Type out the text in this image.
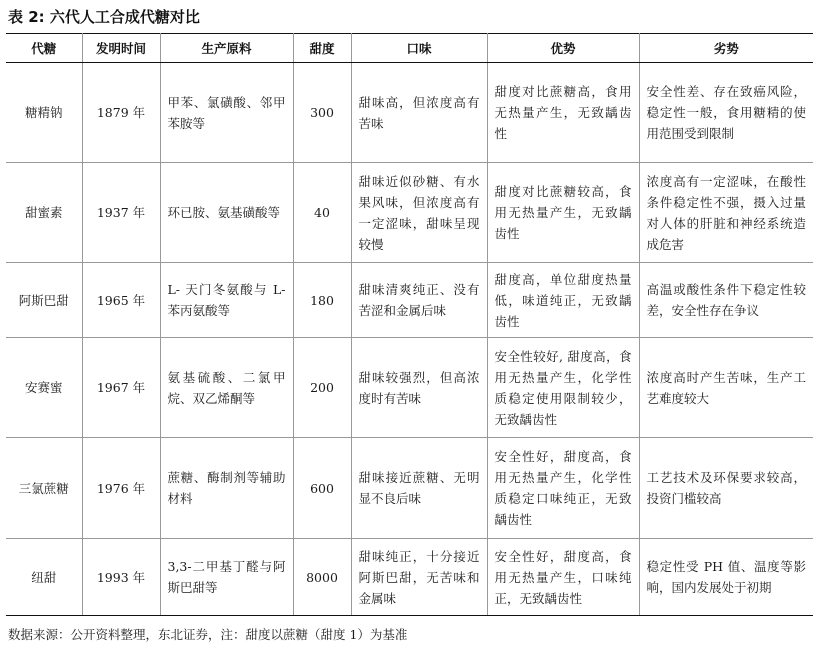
表 2: 六代人工合成代糖对比
代糖	发明时间	生产原料	甜度	口味	优势	劣势
糖精钠	1879 年	甲苯、氯磺酸、邻甲苯胺等	300	甜味高，但浓度高有苦味	甜度对比蔗糖高，食用无热量产生，无致龋齿性	安全性差、存在致癌风险，稳定性一般，食用糖精的使用范围受到限制
甜蜜素	1937 年	环已胺、氨基磺酸等	40	甜味近似砂糖、有水果风味，但浓度高有一定涩味，甜味呈现较慢	甜度对比蔗糖较高，食用无热量产生，无致龋齿性	浓度高有一定涩味，在酸性条件稳定性不强，摄入过量对人体的肝脏和神经系统造成危害
阿斯巴甜	1965 年	L- 天门冬氨酸与 L-苯丙氨酸等	180	甜味清爽纯正、没有苦涩和金属后味	甜度高，单位甜度热量低，味道纯正，无致龋齿性	高温或酸性条件下稳定性较差，安全性存在争议
安赛蜜	1967 年	氨基硫酸、二氯甲烷、双乙烯酮等	200	甜味较强烈，但高浓度时有苦味	安全性较好, 甜度高，食用无热量产生，化学性质稳定使用限制较少，无致龋齿性	浓度高时产生苦味，生产工艺难度较大
三氯蔗糖	1976 年	蔗糖、酶制剂等辅助材料	600	甜味接近蔗糖、无明显不良后味	安全性好，甜度高，食用无热量产生，化学性质稳定口味纯正，无致龋齿性	工艺技术及环保要求较高，投资门槛较高
纽甜	1993 年	3,3-二甲基丁醛与阿斯巴甜等	8000	甜味纯正，十分接近阿斯巴甜，无苦味和金属味	安全性好，甜度高，食用无热量产生，口味纯正，无致龋齿性	稳定性受 PH 值、温度等影响，国内发展处于初期
数据来源：公开资料整理，东北证券，注：甜度以蔗糖（甜度 1）为基准
